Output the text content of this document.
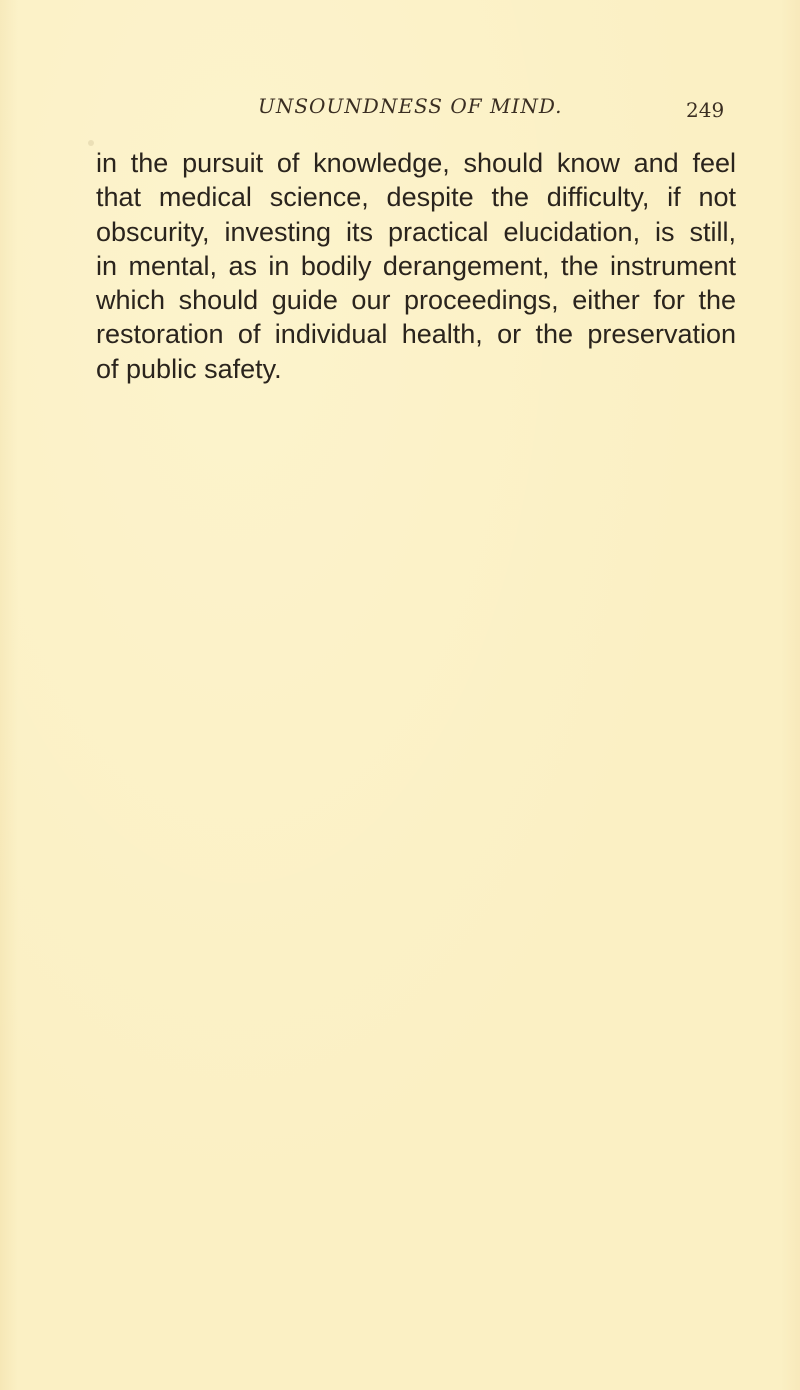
UNSOUNDNESS OF MIND.	249
in the pursuit of knowledge, should know and feel
that medical science, despite the difficulty, if not
obscurity, investing its practical elucidation, is still,
in mental, as in bodily derangement, the instrument
which should guide our proceedings, either for the
restoration of individual health, or the preservation
of public safety.
